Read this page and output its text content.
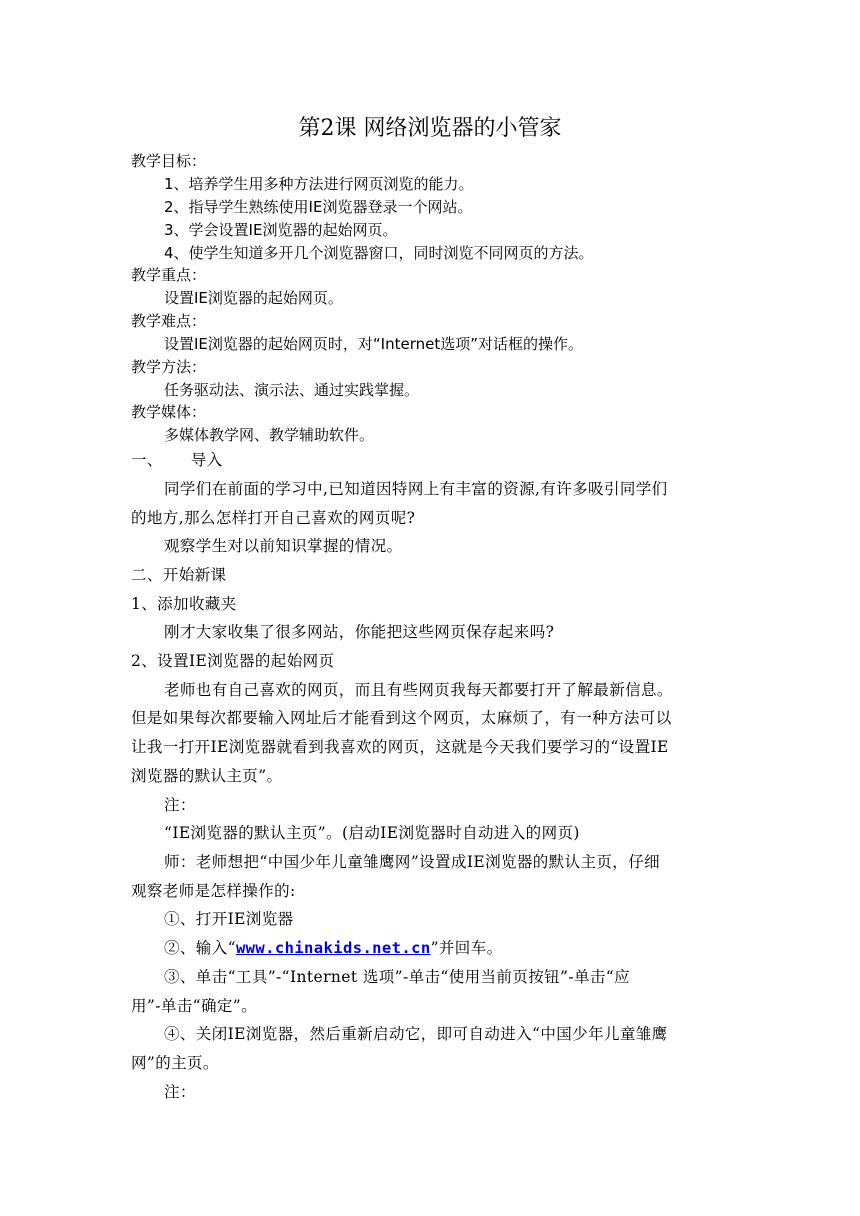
第2课 网络浏览器的小管家
教学目标：
1、培养学生用多种方法进行网页浏览的能力。
2、指导学生熟练使用IE浏览器登录一个网站。
3、学会设置IE浏览器的起始网页。
4、使学生知道多开几个浏览器窗口，同时浏览不同网页的方法。
教学重点：
设置IE浏览器的起始网页。
教学难点：
设置IE浏览器的起始网页时，对“Internet选项”对话框的操作。
教学方法：
任务驱动法、演示法、通过实践掌握。
教学媒体：
多媒体教学网、教学辅助软件。
一、 导入
同学们在前面的学习中,已知道因特网上有丰富的资源,有许多吸引同学们
的地方,那么怎样打开自己喜欢的网页呢?
观察学生对以前知识掌握的情况。
二、开始新课
1、添加收藏夹
刚才大家收集了很多网站，你能把这些网页保存起来吗?
2、设置IE浏览器的起始网页
老师也有自己喜欢的网页，而且有些网页我每天都要打开了解最新信息。
但是如果每次都要输入网址后才能看到这个网页，太麻烦了，有一种方法可以
让我一打开IE浏览器就看到我喜欢的网页，这就是今天我们要学习的“设置IE
浏览器的默认主页”。
注：
“IE浏览器的默认主页”。(启动IE浏览器时自动进入的网页)
师：老师想把“中国少年儿童雏鹰网”设置成IE浏览器的默认主页，仔细
观察老师是怎样操作的:
①、打开IE浏览器
②、输入“www.chinakids.net.cn”并回车。
③、单击“工具”-“Internet 选项”-单击“使用当前页按钮”-单击“应
用”-单击“确定”。
④、关闭IE浏览器，然后重新启动它，即可自动进入“中国少年儿童雏鹰
网”的主页。
注：
